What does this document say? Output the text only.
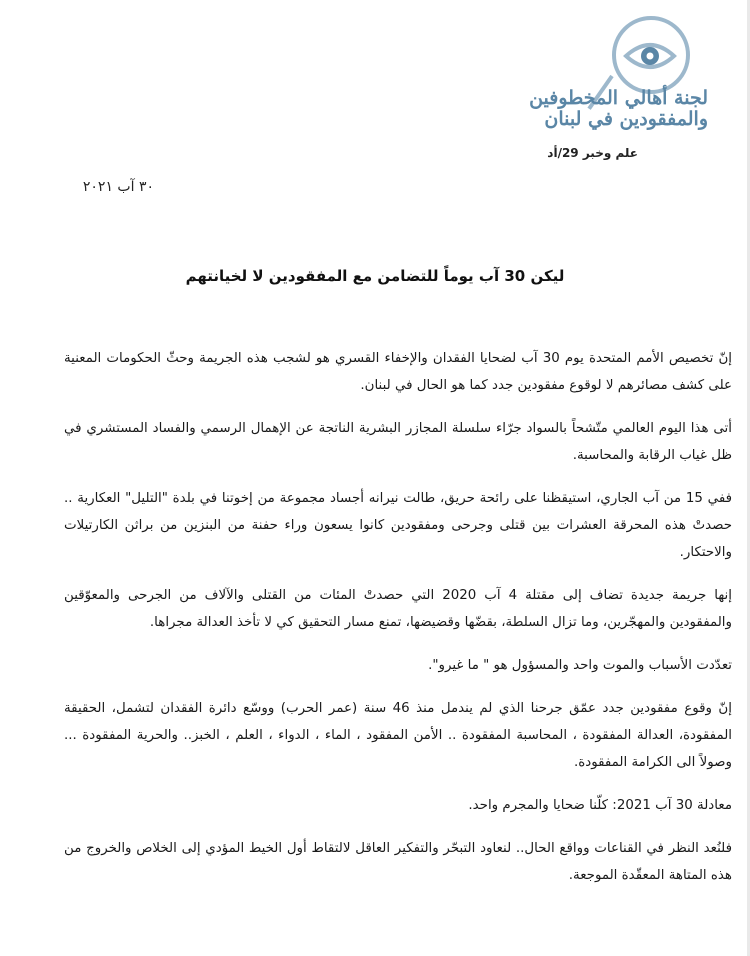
لجنة أهالي المخطوفين
والمفقودين في لبنان
علم وخبر 29/أد
٣٠ آب ٢٠٢١
ليكن 30 آب يوماً للتضامن مع المفقودين لا لخيانتهم

إنّ تخصيص الأمم المتحدة يوم 30 آب لضحايا الفقدان والإخفاء القسري هو لشجب هذه الجريمة وحثّ الحكومات المعنية على كشف مصائرهم لا لوقوع مفقودين جدد كما هو الحال في لبنان.

أتى هذا اليوم العالمي متّشحاً بالسواد جرّاء سلسلة المجازر البشرية الناتجة عن الإهمال الرسمي والفساد المستشري في ظل غياب الرقابة والمحاسبة.

ففي 15 من آب الجاري، استيقظنا على رائحة حريق، طالت نيرانه أجساد مجموعة من إخوتنا في بلدة "التليل" العكارية .. حصدتْ هذه المحرقة العشرات بين قتلى وجرحى ومفقودين كانوا يسعون وراء حفنة من البنزين من براثن الكارتيلات والاحتكار.

إنها جريمة جديدة تضاف إلى مقتلة 4 آب 2020 التي حصدتْ المئات من القتلى والآلاف من الجرحى والمعوّقين والمفقودين والمهجّرين، وما تزال السلطة، بقضّها وقضيضها، تمنع مسار التحقيق كي لا تأخذ العدالة مجراها.

تعدّدت الأسباب والموت واحد والمسؤول هو " ما غيرو".

إنّ وقوع مفقودين جدد عمّق جرحنا الذي لم يندمل منذ 46 سنة (عمر الحرب) ووسّع دائرة الفقدان لتشمل، الحقيقة المفقودة، العدالة المفقودة ، المحاسبة المفقودة .. الأمن المفقود ، الماء ، الدواء ، العلم ، الخبز.. والحرية المفقودة ... وصولاً الى الكرامة المفقودة.

معادلة 30 آب 2021: كلّنا ضحايا والمجرم واحد.

فلنُعد النظر في القناعات وواقع الحال.. لنعاود التبحّر والتفكير العاقل لالتقاط أول الخيط المؤدي إلى الخلاص والخروج من هذه المتاهة المعقّدة الموجعة.
